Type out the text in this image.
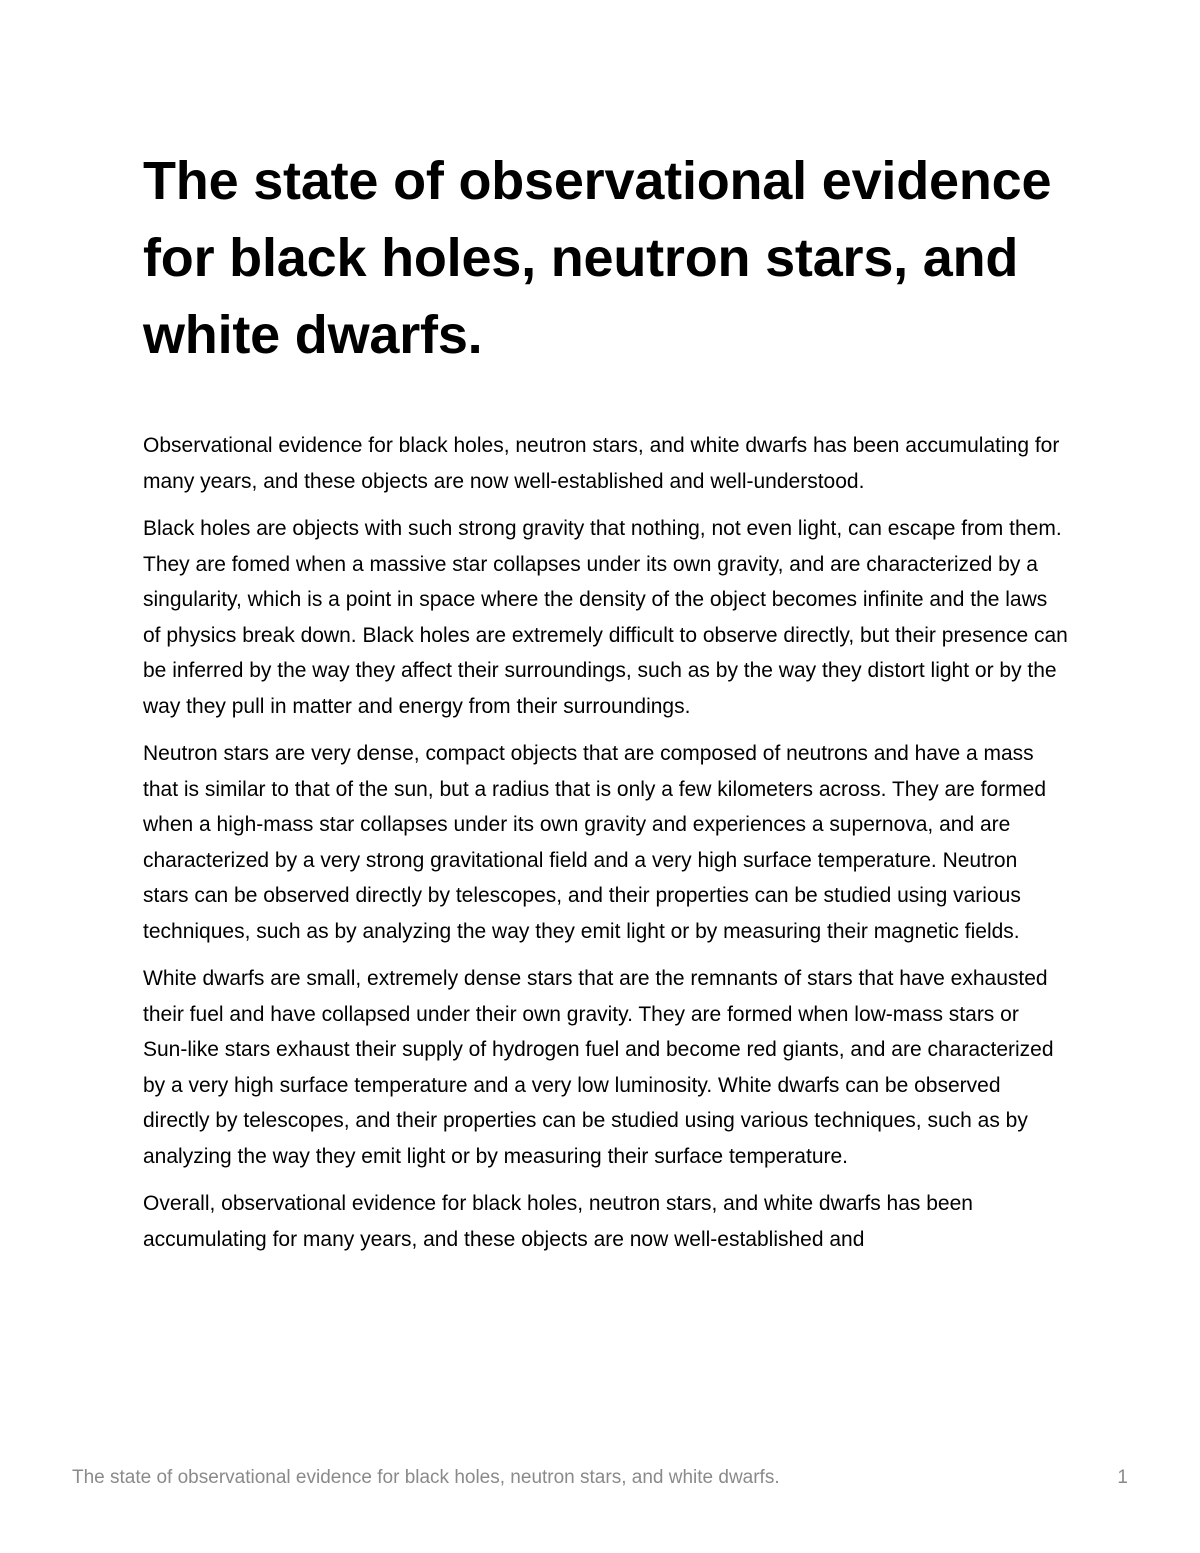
The state of observational evidence for black holes, neutron stars, and white dwarfs.

Observational evidence for black holes, neutron stars, and white dwarfs has been accumulating for many years, and these objects are now well-established and well-understood.

Black holes are objects with such strong gravity that nothing, not even light, can escape from them. They are fomed when a massive star collapses under its own gravity, and are characterized by a singularity, which is a point in space where the density of the object becomes infinite and the laws of physics break down. Black holes are extremely difficult to observe directly, but their presence can be inferred by the way they affect their surroundings, such as by the way they distort light or by the way they pull in matter and energy from their surroundings.

Neutron stars are very dense, compact objects that are composed of neutrons and have a mass that is similar to that of the sun, but a radius that is only a few kilometers across. They are formed when a high-mass star collapses under its own gravity and experiences a supernova, and are characterized by a very strong gravitational field and a very high surface temperature. Neutron stars can be observed directly by telescopes, and their properties can be studied using various techniques, such as by analyzing the way they emit light or by measuring their magnetic fields.

White dwarfs are small, extremely dense stars that are the remnants of stars that have exhausted their fuel and have collapsed under their own gravity. They are formed when low-mass stars or Sun-like stars exhaust their supply of hydrogen fuel and become red giants, and are characterized by a very high surface temperature and a very low luminosity. White dwarfs can be observed directly by telescopes, and their properties can be studied using various techniques, such as by analyzing the way they emit light or by measuring their surface temperature.

Overall, observational evidence for black holes, neutron stars, and white dwarfs has been accumulating for many years, and these objects are now well-established and

The state of observational evidence for black holes, neutron stars, and white dwarfs.	1
